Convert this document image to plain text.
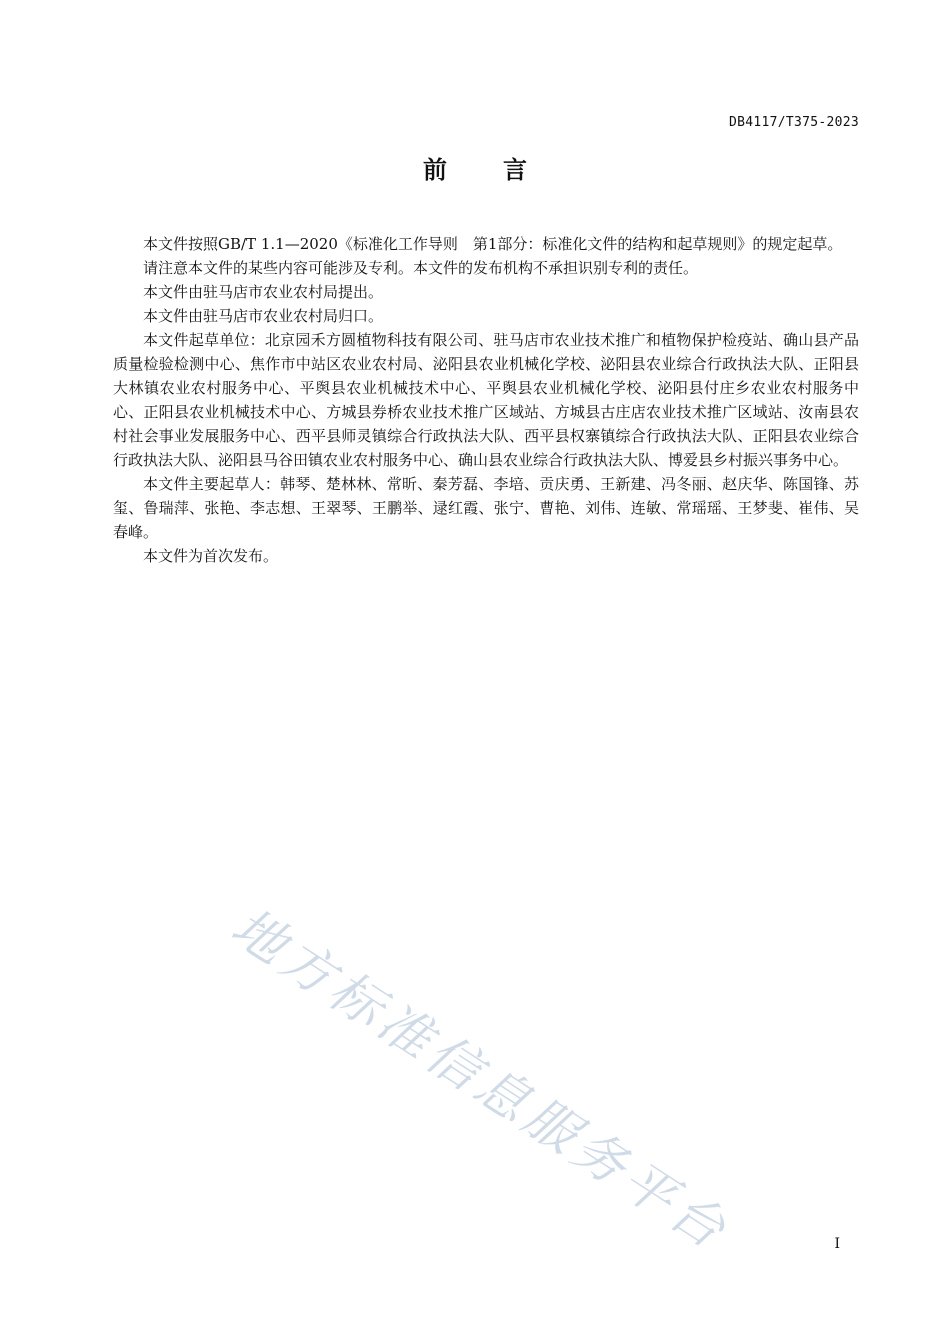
DB4117/T375-2023
前 言

本文件按照GB/T 1.1—2020《标准化工作导则　第1部分：标准化文件的结构和起草规则》的规定起草。

请注意本文件的某些内容可能涉及专利。本文件的发布机构不承担识别专利的责任。

本文件由驻马店市农业农村局提出。

本文件由驻马店市农业农村局归口。

本文件起草单位：北京园禾方圆植物科技有限公司、驻马店市农业技术推广和植物保护检疫站、确山县产品质量检验检测中心、焦作市中站区农业农村局、泌阳县农业机械化学校、泌阳县农业综合行政执法大队、正阳县大林镇农业农村服务中心、平舆县农业机械技术中心、平舆县农业机械化学校、泌阳县付庄乡农业农村服务中心、正阳县农业机械技术中心、方城县券桥农业技术推广区域站、方城县古庄店农业技术推广区域站、汝南县农村社会事业发展服务中心、西平县师灵镇综合行政执法大队、西平县权寨镇综合行政执法大队、正阳县农业综合行政执法大队、泌阳县马谷田镇农业农村服务中心、确山县农业综合行政执法大队、博爱县乡村振兴事务中心。

本文件主要起草人：韩琴、楚林林、常昕、秦芳磊、李培、贡庆勇、王新建、冯冬丽、赵庆华、陈国锋、苏玺、鲁瑞萍、张艳、李志想、王翠琴、王鹏举、逯红霞、张宁、曹艳、刘伟、连敏、常瑶瑶、王梦斐、崔伟、吴春峰。

本文件为首次发布。

地方标准信息服务平台	I
